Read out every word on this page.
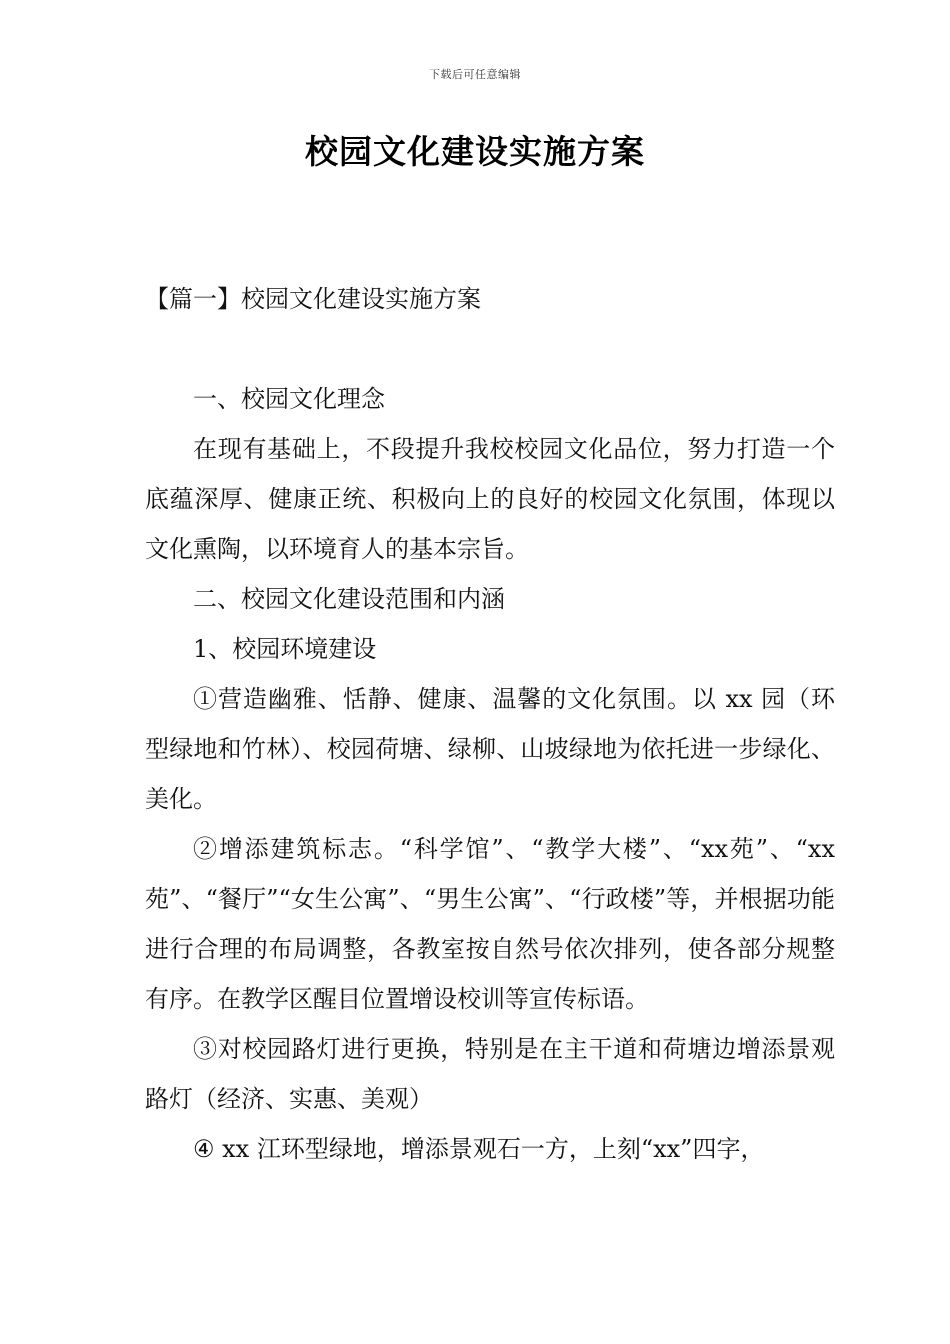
下载后可任意编辑
校园文化建设实施方案
【篇一】校园文化建设实施方案

一、校园文化理念

在现有基础上，不段提升我校校园文化品位，努力打造一个底蕴深厚、健康正统、积极向上的良好的校园文化氛围，体现以文化熏陶，以环境育人的基本宗旨。

二、校园文化建设范围和内涵

1、校园环境建设

①营造幽雅、恬静、健康、温馨的文化氛围。以 xx 园（环型绿地和竹林）、校园荷塘、绿柳、山坡绿地为依托进一步绿化、美化。

②增添建筑标志。“科学馆”、“教学大楼”、“xx苑”、“xx 苑”、“餐厅”“女生公寓”、“男生公寓”、“行政楼”等，并根据功能进行合理的布局调整，各教室按自然号依次排列，使各部分规整有序。在教学区醒目位置增设校训等宣传标语。

③对校园路灯进行更换，特别是在主干道和荷塘边增添景观路灯（经济、实惠、美观）

④ xx 江环型绿地，增添景观石一方，上刻“xx”四字，
